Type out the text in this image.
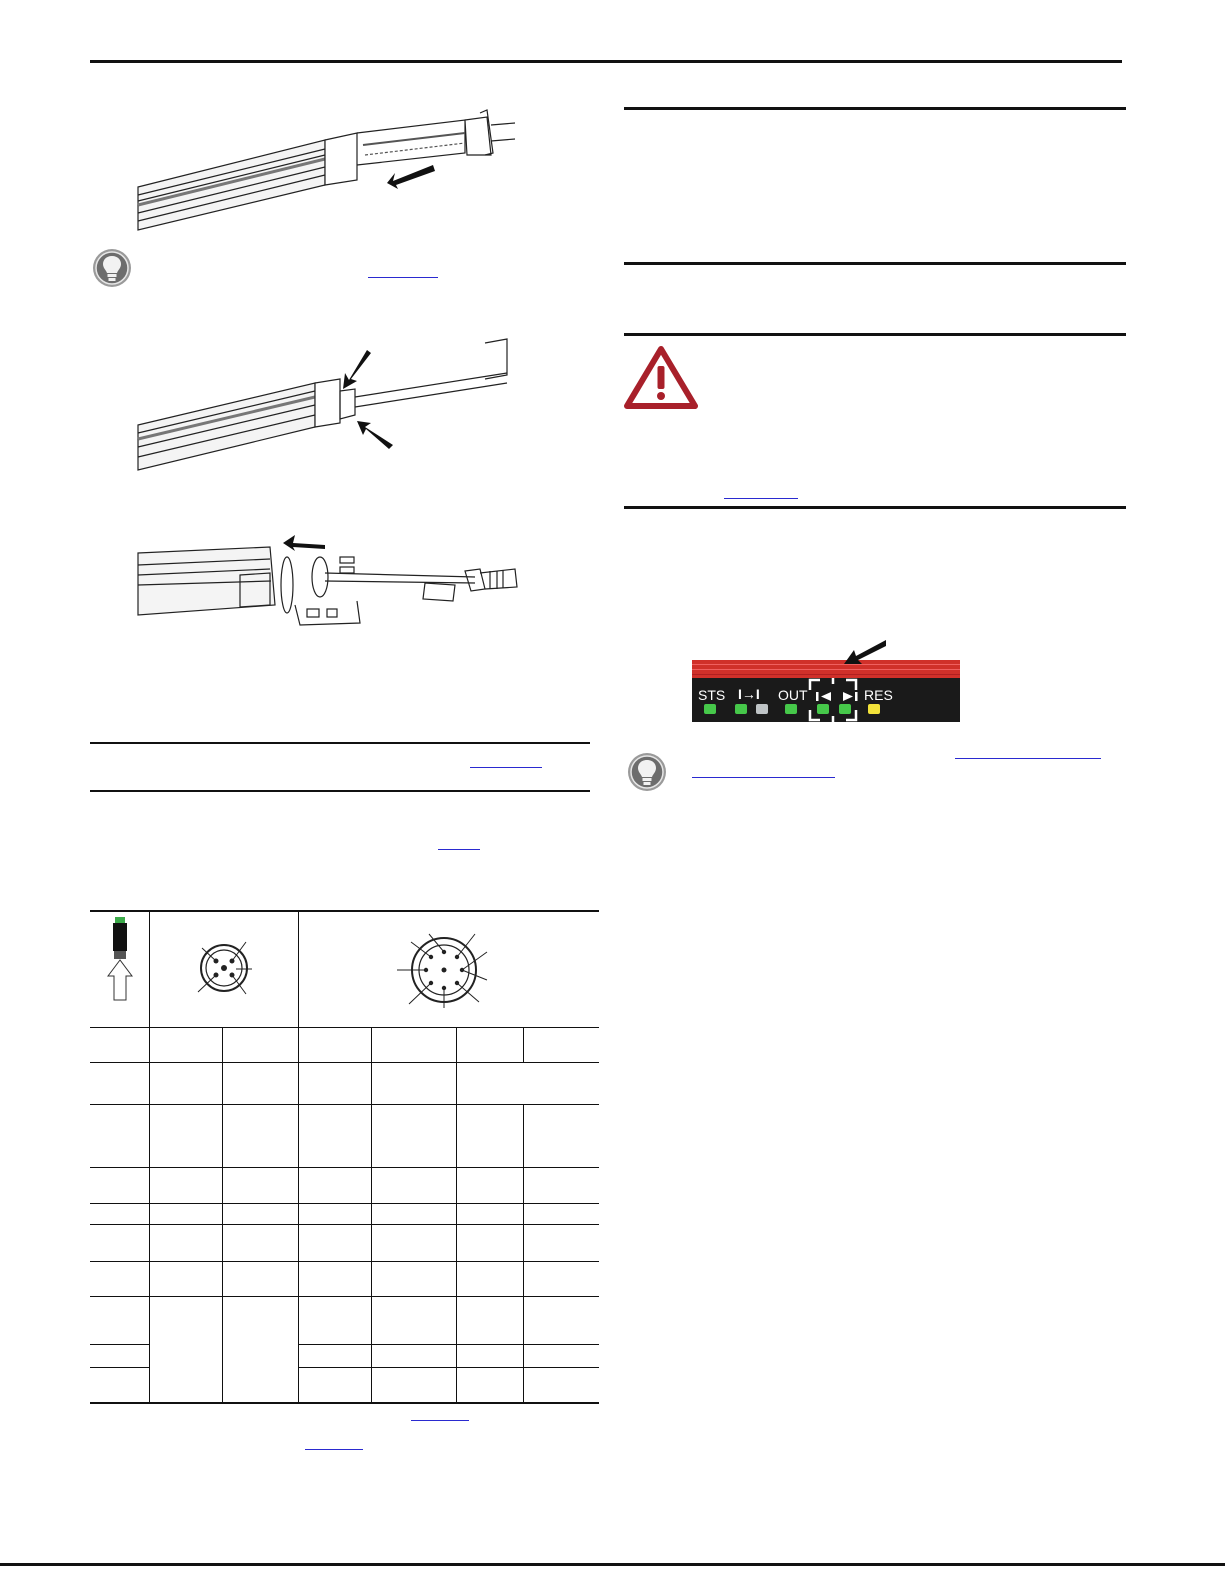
STS I→I OUT	RES
